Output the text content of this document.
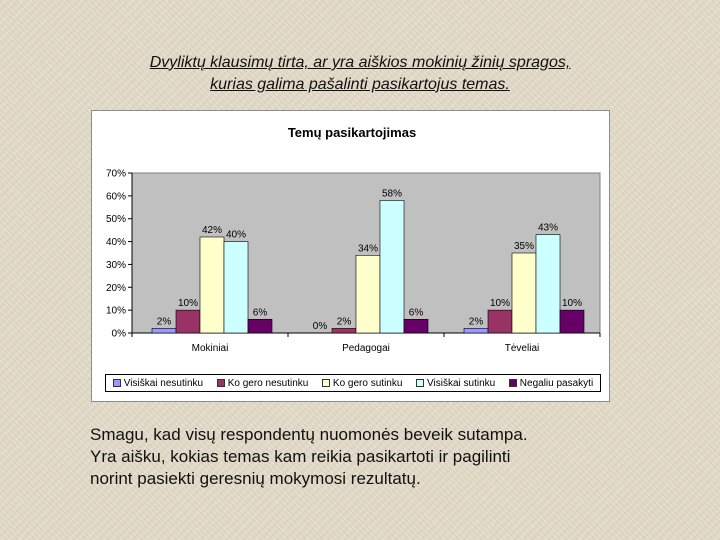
Dvyliktų klausimų tirta, ar yra aiškios mokinių žinių spragos,
kurias galima pašalinti pasikartojus temas.
Temų pasikartojimas
0%
10%
20%
30%
40%
50%
60%
70%
2%
10%
42% 40%
6%
Mokiniai
0% 2%
34%
58%
6%
Pedagogai
2%
10%
35%
43%
10%
Tėveliai
Visiškai nesutinku Ko gero nesutinku Ko gero sutinku Visiškai sutinku Negaliu pasakyti
Smagu, kad visų respondentų nuomonės beveik sutampa.
Yra aišku, kokias temas kam reikia pasikartoti ir pagilinti
norint pasiekti geresnių mokymosi rezultatų.
